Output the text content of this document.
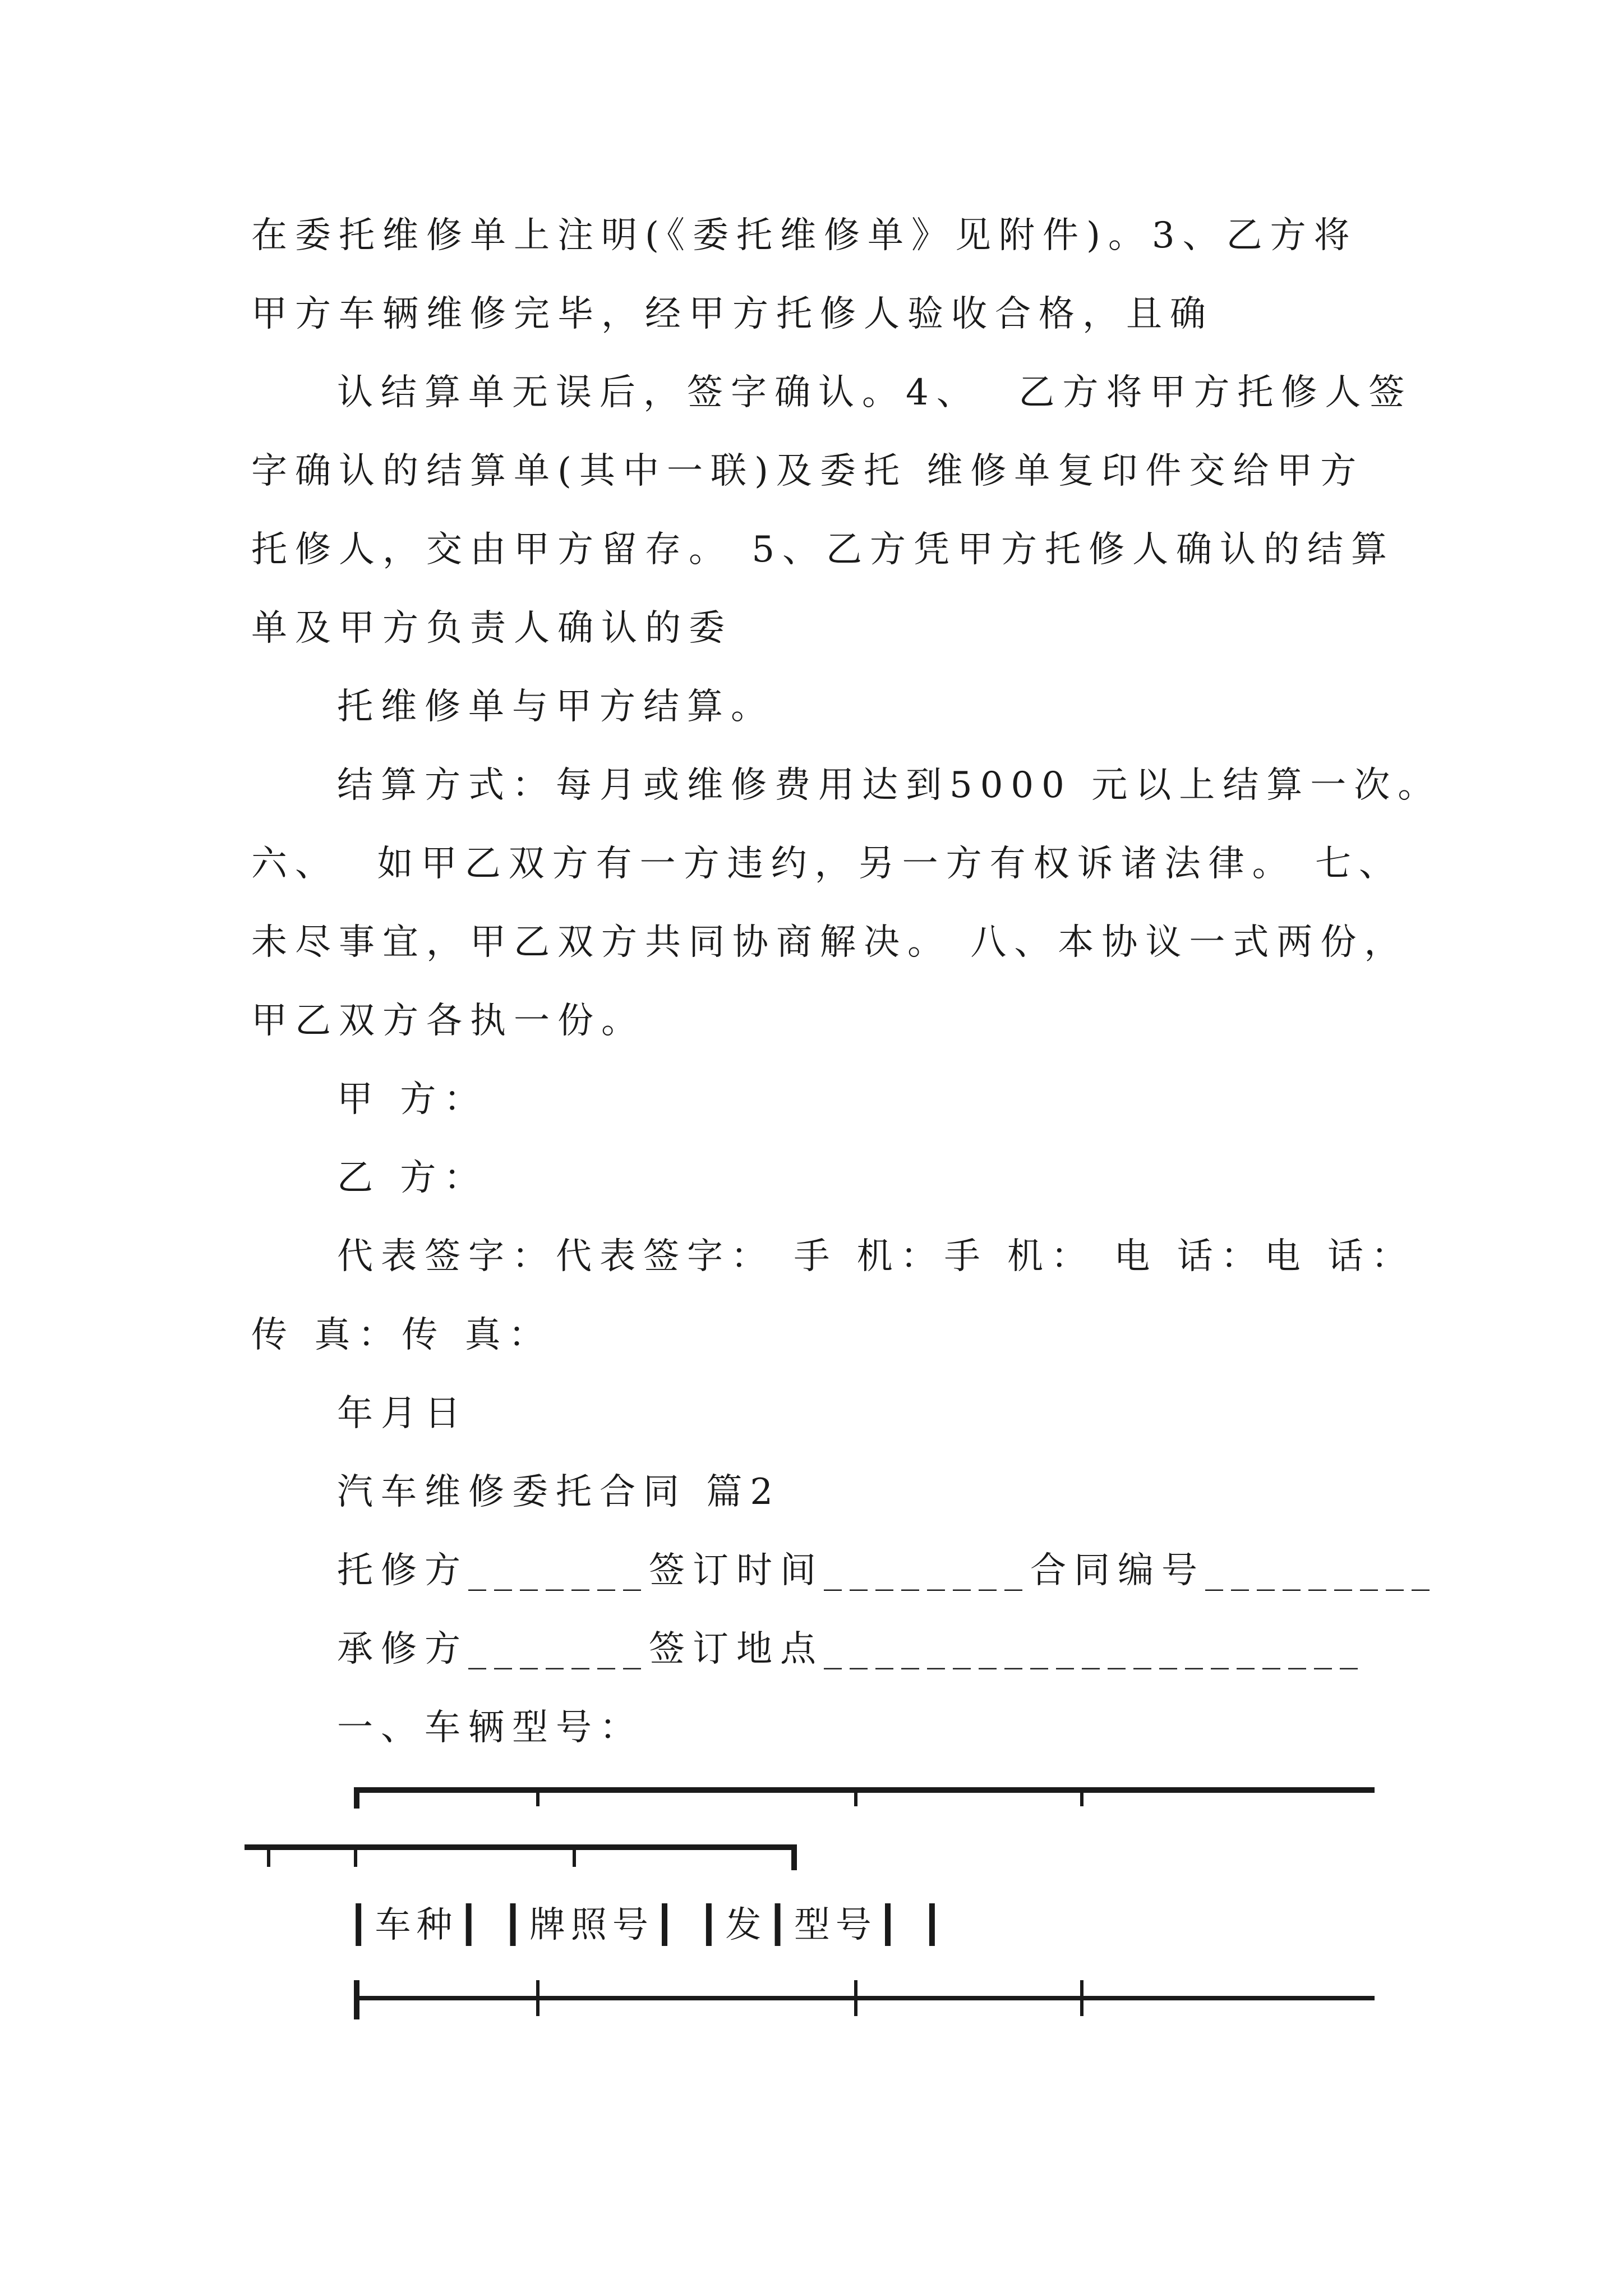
在委托维修单上注明(《委托维修单》见附件)。3、乙方将
甲方车辆维修完毕，经甲方托修人验收合格，且确
认结算单无误后，签字确认。4、  乙方将甲方托修人签
字确认的结算单(其中一联)及委托 维修单复印件交给甲方
托修人，交由甲方留存。 5、乙方凭甲方托修人确认的结算
单及甲方负责人确认的委
托维修单与甲方结算。
结算方式：每月或维修费用达到5000 元以上结算一次。
六、  如甲乙双方有一方违约，另一方有权诉诸法律。 七、
未尽事宜，甲乙双方共同协商解决。 八、本协议一式两份，
甲乙双方各执一份。
甲 方：
乙 方：
代表签字：代表签字： 手 机：手 机： 电 话：电 话：
传 真：传 真：
年月日
汽车维修委托合同 篇2
托修方_______签订时间________合同编号_________
承修方_______签订地点_____________________
一、车辆型号：
┃车种┃ ┃牌照号┃ ┃发┃型号┃ ┃
